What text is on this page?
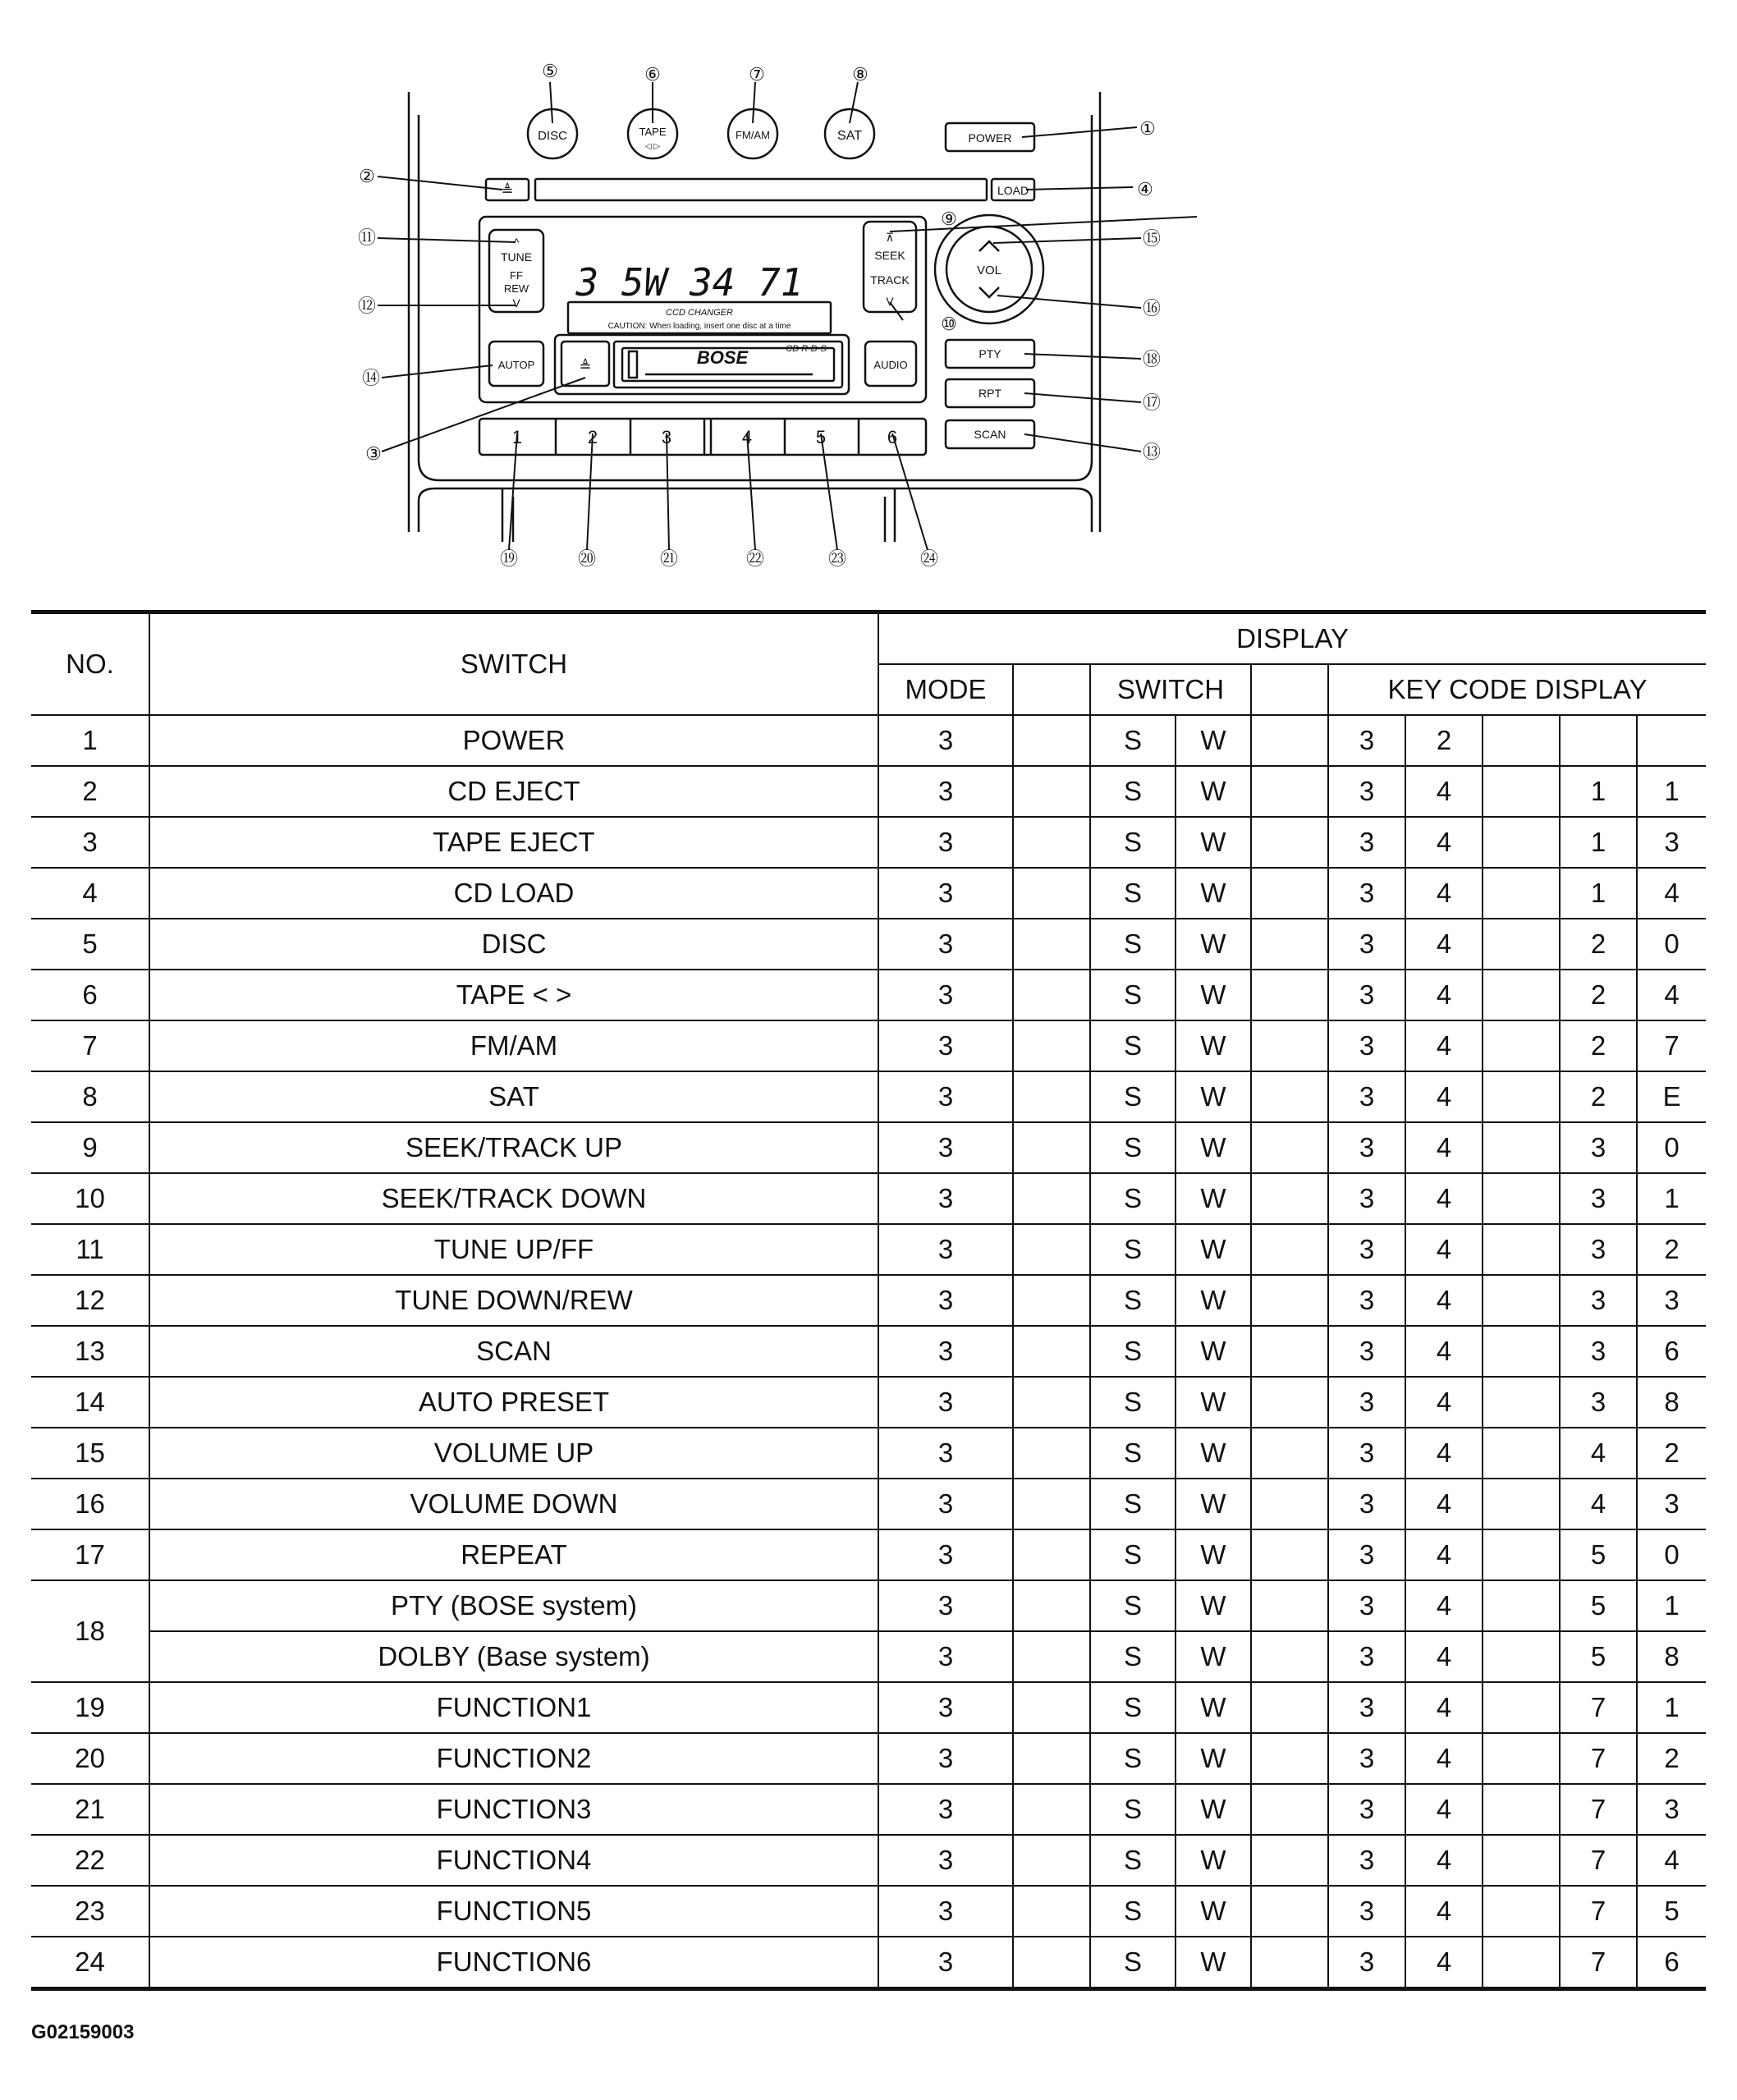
DISC	TAPE
◁ ▷
FM/AM	SAT	POWER
≜	LOAD
^
TUNE
FF
REW
V 3 5W 34 71
CCD CHANGER
CAUTION: When loading, insert one disc at a time
⊼
SEEK
TRACK
V
VOL
AUTOP	≜	BOSE	CD R·D·S
AUDIO
PTY
RPT
SCAN
1	2	3	4	5	6
①
②
③
④
⑤	⑥	⑦	⑧
⑨
⑩
⑪
⑫
⑬
⑭
⑮
⑯
⑰
⑱
⑲	⑳	㉑	㉒	㉓	㉔
NO.	SWITCH	DISPLAY									
		MODE		SWITCH			KEY CODE DISPLAY				
1	POWER	3		S	W		3	2			
2	CD EJECT	3		S	W		3	4		1	1
3	TAPE EJECT	3		S	W		3	4		1	3
4	CD LOAD	3		S	W		3	4		1	4
5	DISC	3		S	W		3	4		2	0
6	TAPE < >	3		S	W		3	4		2	4
7	FM/AM	3		S	W		3	4		2	7
8	SAT	3		S	W		3	4		2	E
9	SEEK/TRACK UP	3		S	W		3	4		3	0
10	SEEK/TRACK DOWN	3		S	W		3	4		3	1
11	TUNE UP/FF	3		S	W		3	4		3	2
12	TUNE DOWN/REW	3		S	W		3	4		3	3
13	SCAN	3		S	W		3	4		3	6
14	AUTO PRESET	3		S	W		3	4		3	8
15	VOLUME UP	3		S	W		3	4		4	2
16	VOLUME DOWN	3		S	W		3	4		4	3
17	REPEAT	3		S	W		3	4		5	0
18	PTY (BOSE system)	3		S	W		3	4		5	1
	DOLBY (Base system)	3		S	W		3	4		5	8
19	FUNCTION1	3		S	W		3	4		7	1
20	FUNCTION2	3		S	W		3	4		7	2
21	FUNCTION3	3		S	W		3	4		7	3
22	FUNCTION4	3		S	W		3	4		7	4
23	FUNCTION5	3		S	W		3	4		7	5
24	FUNCTION6	3		S	W		3	4		7	6
G02159003
